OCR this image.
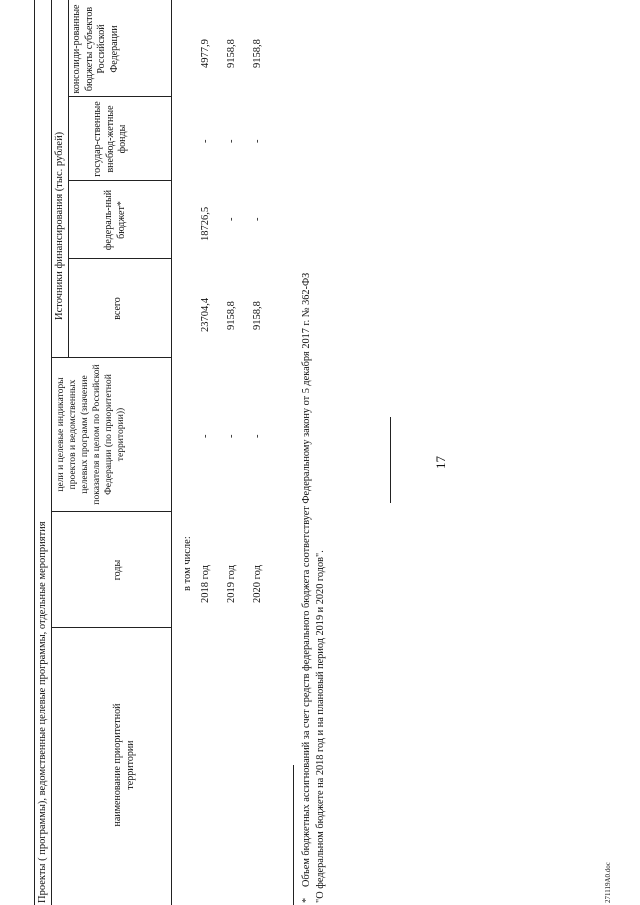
17
Проекты ( программы), ведомственные целевые программы, отдельные мероприятия
Источники финансирования (тыс. рублей)
наименование приоритетной территории
годы
цели и целевые индикаторы проектов и ведомственных целевых программ (значение показателя в целом по Российской Федерации (по приоритетной территории))
всего
федераль-ный бюджет*
государ-ственные внебюд-жетные фонды
консолиди-рованные бюджеты субъектов Российской Федерации
в том числе: 2018 год
-
23704,4
18726,5
-
4977,9
2019 год
-
9158,8
-
-
9158,8
2020 год
-
9158,8
-
-
9158,8
*
Объем бюджетных ассигнований за счет средств федерального бюджета соответствует Федеральному закону от 5 декабря 2017 г. № 362-ФЗ "О федеральном бюджете на 2018 год и на плановый период 2019 и 2020 годов".	271119A0.doc
